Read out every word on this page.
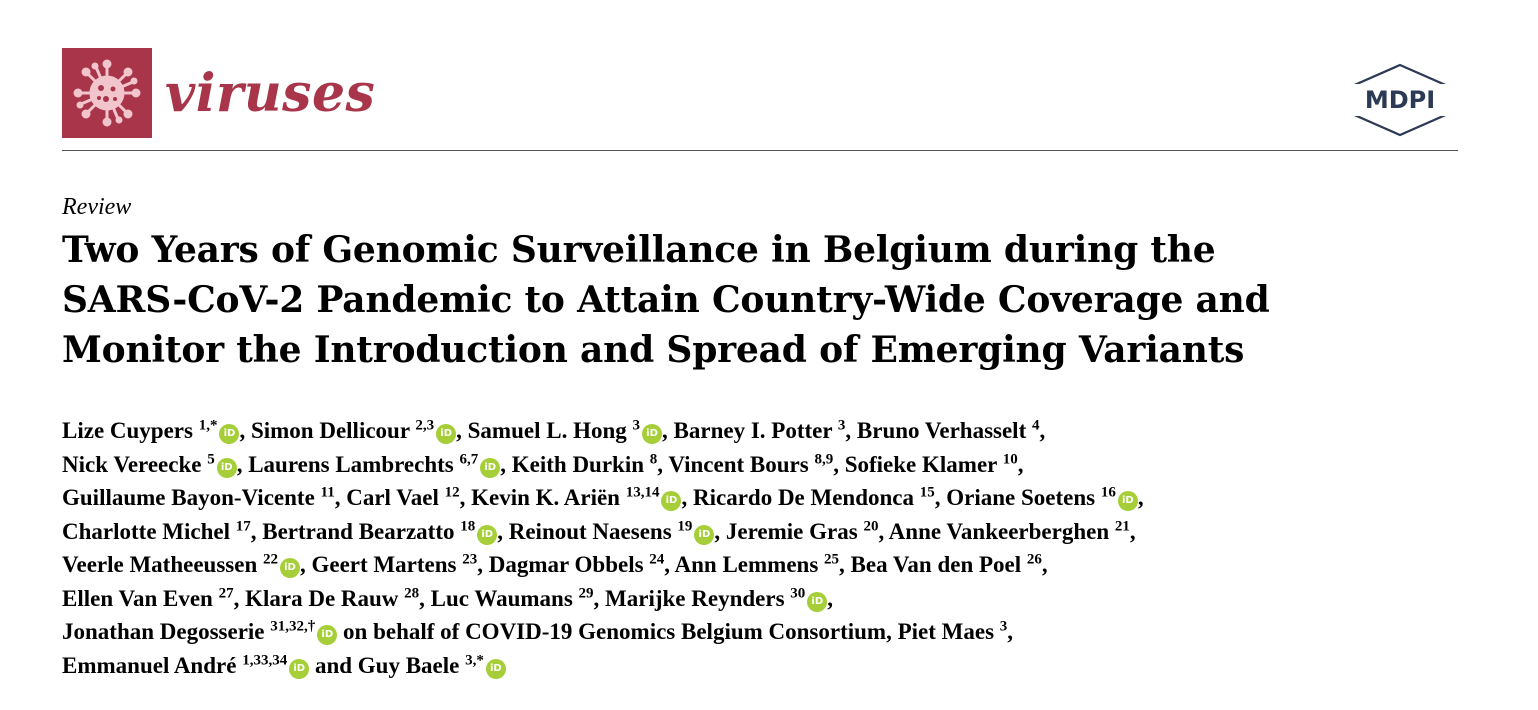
viruses	MDPI
Review
Two Years of Genomic Surveillance in Belgium during the
SARS-CoV-2 Pandemic to Attain Country-Wide Coverage and
Monitor the Introduction and Spread of Emerging Variants
Lize Cuypers $^{1,*}$iD , Simon Dellicour $^{2,3}$iD , Samuel L. Hong $^3$iD , Barney I. Potter $^3$, Bruno Verhasselt $^4$,
Nick Vereecke $^5$iD , Laurens Lambrechts $^{6,7}$iD , Keith Durkin $^8$, Vincent Bours $^{8,9}$, Sofieke Klamer $^{10}$,
Guillaume Bayon-Vicente $^{11}$, Carl Vael $^{12}$, Kevin K. Ariën $^{13,14}$iD , Ricardo De Mendonca $^{15}$, Oriane Soetens $^{16}$iD ,
Charlotte Michel $^{17}$, Bertrand Bearzatto $^{18}$iD , Reinout Naesens $^{19}$iD , Jeremie Gras $^{20}$, Anne Vankeerberghen $^{21}$,
Veerle Matheeussen $^{22}$iD , Geert Martens $^{23}$, Dagmar Obbels $^{24}$, Ann Lemmens $^{25}$, Bea Van den Poel $^{26}$,
Ellen Van Even $^{27}$, Klara De Rauw $^{28}$, Luc Waumans $^{29}$, Marijke Reynders $^{30}$iD ,
Jonathan Degosserie $^{31,32,\dagger}$iD on behalf of COVID-19 Genomics Belgium Consortium, Piet Maes $^3$,
Emmanuel André $^{1,33,34}$iD and Guy Baele $^{3,*}$iD
